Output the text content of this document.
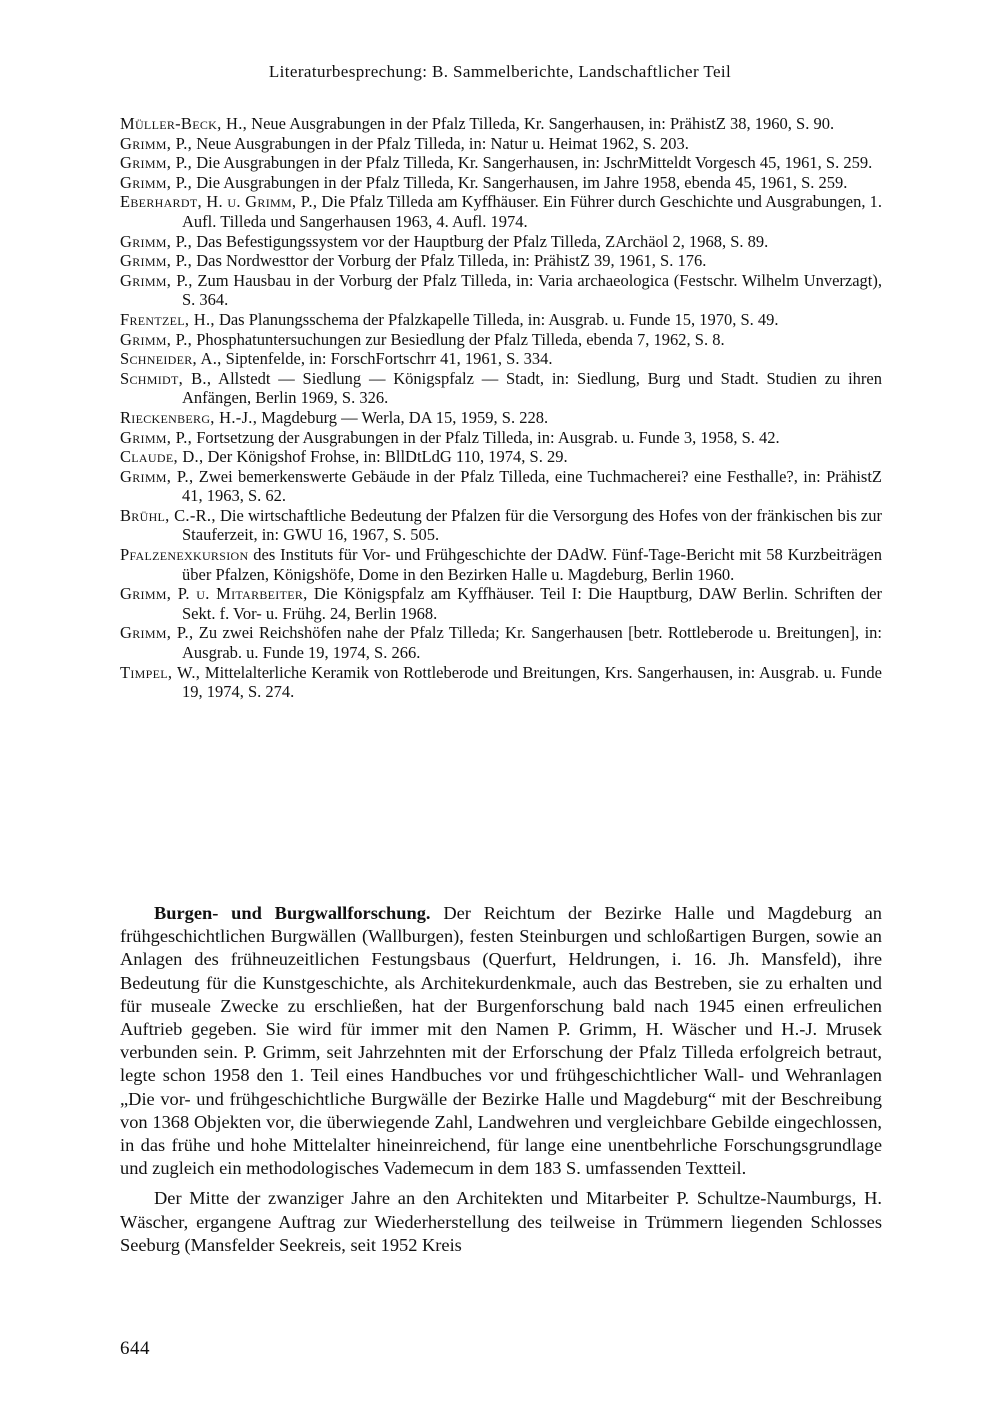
Literaturbesprechung: B. Sammelberichte, Landschaftlicher Teil

Müller-Beck, H., Neue Ausgrabungen in der Pfalz Tilleda, Kr. Sangerhausen, in: PrähistZ 38, 1960, S. 90.

Grimm, P., Neue Ausgrabungen in der Pfalz Tilleda, in: Natur u. Heimat 1962, S. 203.

Grimm, P., Die Ausgrabungen in der Pfalz Tilleda, Kr. Sangerhausen, in: JschrMitteldt Vorgesch 45, 1961, S. 259.

Grimm, P., Die Ausgrabungen in der Pfalz Tilleda, Kr. Sangerhausen, im Jahre 1958, ebenda 45, 1961, S. 259.

Eberhardt, H. u. Grimm, P., Die Pfalz Tilleda am Kyffhäuser. Ein Führer durch Geschichte und Ausgrabungen, 1. Aufl. Tilleda und Sangerhausen 1963, 4. Aufl. 1974.

Grimm, P., Das Befestigungssystem vor der Hauptburg der Pfalz Tilleda, ZArchäol 2, 1968, S. 89.

Grimm, P., Das Nordwesttor der Vorburg der Pfalz Tilleda, in: PrähistZ 39, 1961, S. 176.

Grimm, P., Zum Hausbau in der Vorburg der Pfalz Tilleda, in: Varia archaeologica (Festschr. Wilhelm Unverzagt), S. 364.

Frentzel, H., Das Planungsschema der Pfalzkapelle Tilleda, in: Ausgrab. u. Funde 15, 1970, S. 49.

Grimm, P., Phosphatuntersuchungen zur Besiedlung der Pfalz Tilleda, ebenda 7, 1962, S. 8.

Schneider, A., Siptenfelde, in: ForschFortschrr 41, 1961, S. 334.

Schmidt, B., Allstedt — Siedlung — Königspfalz — Stadt, in: Siedlung, Burg und Stadt. Studien zu ihren Anfängen, Berlin 1969, S. 326.

Rieckenberg, H.-J., Magdeburg — Werla, DA 15, 1959, S. 228.

Grimm, P., Fortsetzung der Ausgrabungen in der Pfalz Tilleda, in: Ausgrab. u. Funde 3, 1958, S. 42.

Claude, D., Der Königshof Frohse, in: BllDtLdG 110, 1974, S. 29.

Grimm, P., Zwei bemerkenswerte Gebäude in der Pfalz Tilleda, eine Tuchmacherei? eine Festhalle?, in: PrähistZ 41, 1963, S. 62.

Brühl, C.-R., Die wirtschaftliche Bedeutung der Pfalzen für die Versorgung des Hofes von der fränkischen bis zur Stauferzeit, in: GWU 16, 1967, S. 505.

Pfalzenexkursion des Instituts für Vor- und Frühgeschichte der DAdW. Fünf-Tage-Bericht mit 58 Kurzbeiträgen über Pfalzen, Königshöfe, Dome in den Bezirken Halle u. Magdeburg, Berlin 1960.

Grimm, P. u. Mitarbeiter, Die Königspfalz am Kyffhäuser. Teil I: Die Hauptburg, DAW Berlin. Schriften der Sekt. f. Vor- u. Frühg. 24, Berlin 1968.

Grimm, P., Zu zwei Reichshöfen nahe der Pfalz Tilleda; Kr. Sangerhausen [betr. Rottleberode u. Breitungen], in: Ausgrab. u. Funde 19, 1974, S. 266.

Timpel, W., Mittelalterliche Keramik von Rottleberode und Breitungen, Krs. Sangerhausen, in: Ausgrab. u. Funde 19, 1974, S. 274.

Burgen- und Burgwallforschung. Der Reichtum der Bezirke Halle und Magdeburg an frühgeschichtlichen Burgwällen (Wallburgen), festen Steinburgen und schloßartigen Burgen, sowie an Anlagen des frühneuzeitlichen Festungsbaus (Querfurt, Heldrungen, i. 16. Jh. Mansfeld), ihre Bedeutung für die Kunstgeschichte, als Architekurdenkmale, auch das Bestreben, sie zu erhalten und für museale Zwecke zu erschließen, hat der Burgenforschung bald nach 1945 einen erfreulichen Auftrieb gegeben. Sie wird für immer mit den Namen P. Grimm, H. Wäscher und H.-J. Mrusek verbunden sein. P. Grimm, seit Jahrzehnten mit der Erforschung der Pfalz Tilleda erfolgreich betraut, legte schon 1958 den 1. Teil eines Handbuches vor und frühgeschichtlicher Wall- und Wehranlagen „Die vor- und frühgeschichtliche Burgwälle der Bezirke Halle und Magdeburg“ mit der Beschreibung von 1368 Objekten vor, die überwiegende Zahl, Landwehren und vergleichbare Gebilde eingechlossen, in das frühe und hohe Mittelalter hineinreichend, für lange eine unentbehrliche Forschungsgrundlage und zugleich ein methodologisches Vademecum in dem 183 S. umfassenden Textteil.

Der Mitte der zwanziger Jahre an den Architekten und Mitarbeiter P. Schultze-Naumburgs, H. Wäscher, ergangene Auftrag zur Wiederherstellung des teilweise in Trümmern liegenden Schlosses Seeburg (Mansfelder Seekreis, seit 1952 Kreis

644
